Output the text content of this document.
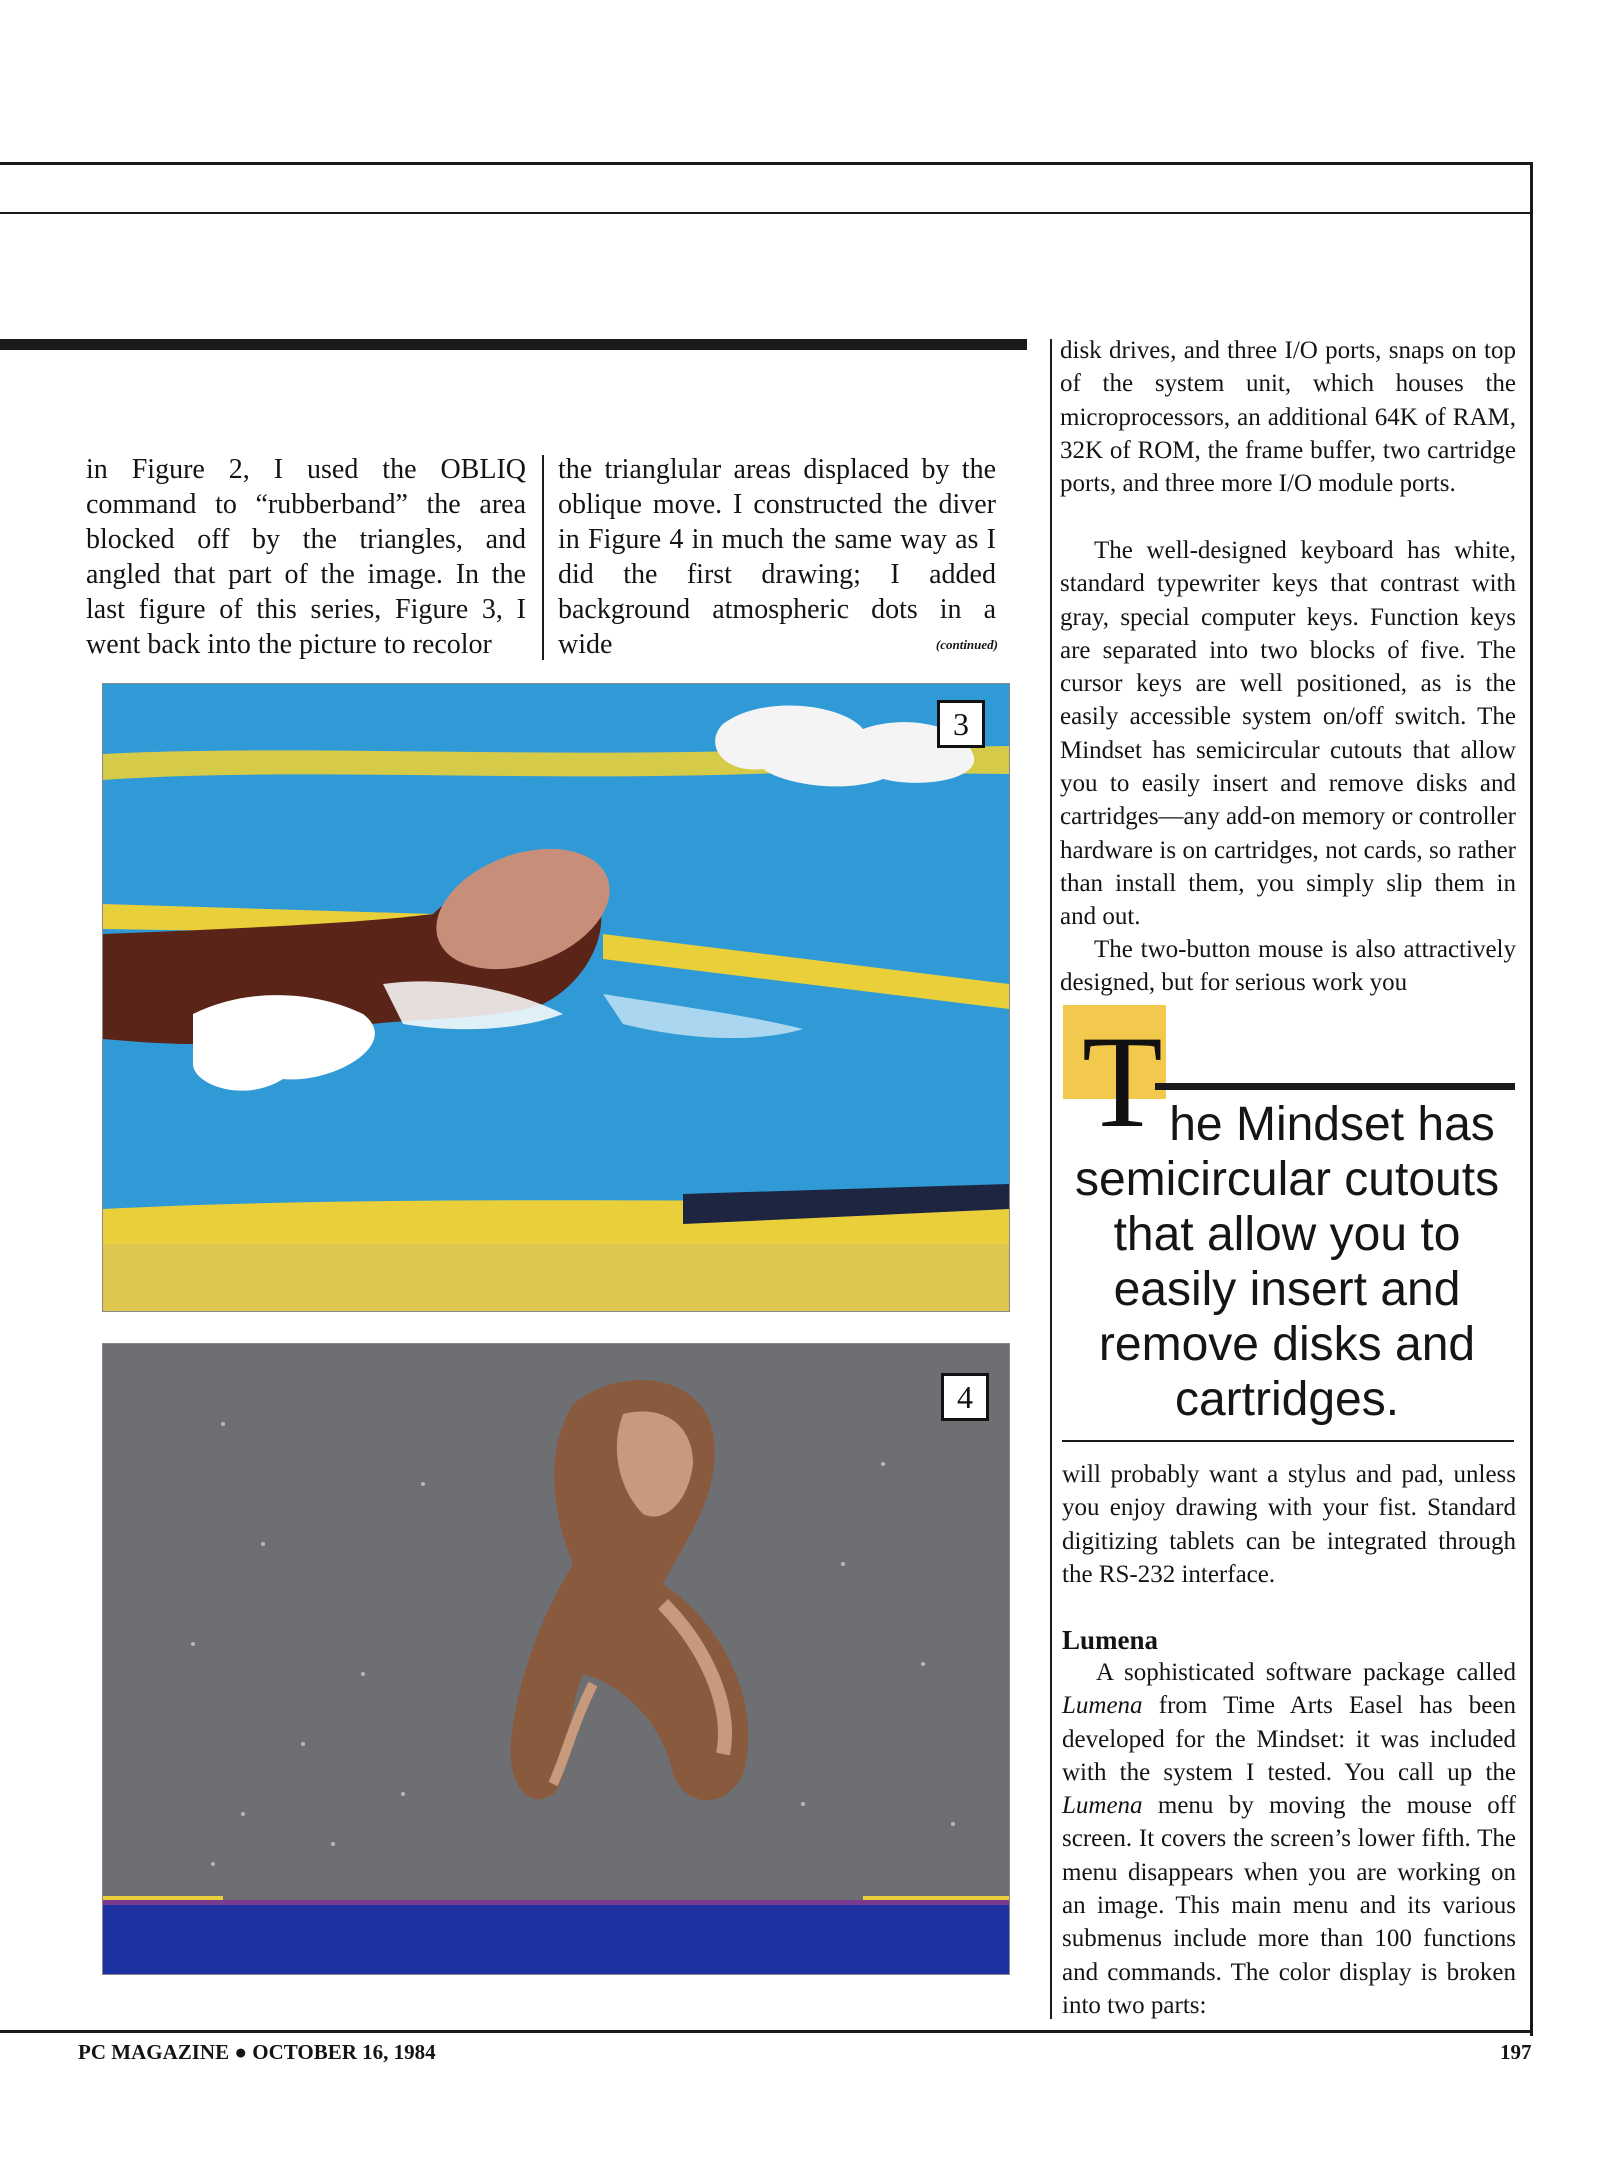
in Figure 2, I used the OBLIQ command to “rubberband” the area blocked off by the triangles, and angled that part of the image. In the last figure of this series, Figure 3, I went back into the picture to recolor

the trianglular areas displaced by the oblique move. I constructed the diver in Figure 4 in much the same way as I did the first drawing; I added background atmospheric dots in a wide	(continued)
3
4

disk drives, and three I/O ports, snaps on top of the system unit, which houses the microprocessors, an additional 64K of RAM, 32K of ROM, the frame buffer, two cartridge ports, and three more I/O module ports.

The well-designed keyboard has white, standard typewriter keys that contrast with gray, special computer keys. Function keys are separated into two blocks of five. The cursor keys are well positioned, as is the easily accessible system on/off switch. The Mindset has semicircular cutouts that allow you to easily insert and remove disks and cartridges—any add-on memory or controller hardware is on cartridges, not cards, so rather than install them, you simply slip them in and out.

The two-button mouse is also attractively designed, but for serious work you

T he Mindset has semicircular cutouts that allow you to easily insert and remove disks and cartridges.

will probably want a stylus and pad, unless you enjoy drawing with your fist. Standard digitizing tablets can be integrated through the RS-232 interface.

Lumena

A sophisticated software package called Lumena from Time Arts Easel has been developed for the Mindset: it was included with the system I tested. You call up the Lumena menu by moving the mouse off screen. It covers the screen’s lower fifth. The menu disappears when you are working on an image. This main menu and its various submenus include more than 100 functions and commands. The color display is broken into two parts:

PC MAGAZINE ● OCTOBER 16, 1984	197
